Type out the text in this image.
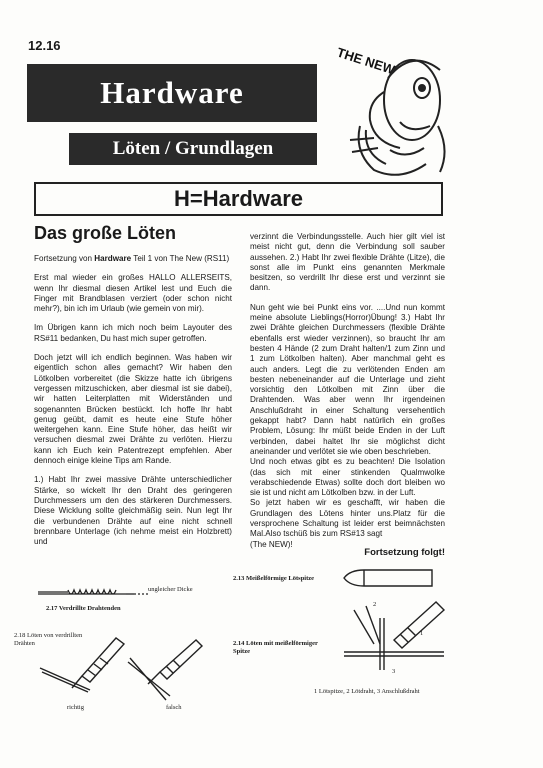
12.16
Hardware
Löten / Grundlagen
THE NEW
H=Hardware
Das große Löten

Fortsetzung von Hardware Teil 1 von The New (RS11)

Erst mal wieder ein großes HALLO ALLERSEITS, wenn Ihr diesmal diesen Artikel lest und Euch die Finger mit Brandblasen verziert (oder schon nicht mehr?), bin ich im Urlaub (wie gemein von mir).

Im Übrigen kann ich mich noch beim Layouter des RS#11 bedanken, Du hast mich super getroffen.

Doch jetzt will ich endlich beginnen. Was haben wir eigentlich schon alles gemacht? Wir haben den Lötkolben vorbereitet (die Skizze hatte ich übrigens vergessen mitzuschicken, aber diesmal ist sie dabei), wir hatten Leiterplatten mit Widerständen und sogenannten Brücken bestückt. Ich hoffe Ihr habt genug geübt, damit es heute eine Stufe höher weitergehen kann. Eine Stufe höher, das heißt wir versuchen diesmal zwei Drähte zu verlöten. Hierzu kann ich Euch kein Patentrezept empfehlen. Aber dennoch einige kleine Tips am Rande.

1.) Habt Ihr zwei massive Drähte unterschiedlicher Stärke, so wickelt Ihr den Draht des geringeren Durchmessers um den des stärkeren Durchmessers. Diese Wicklung sollte gleichmäßig sein. Nun legt Ihr die verbundenen Drähte auf eine nicht schnell brennbare Unterlage (ich nehme meist ein Holzbrett) und

verzinnt die Verbindungsstelle. Auch hier gilt viel ist meist nicht gut, denn die Verbindung soll sauber aussehen. 2.) Habt Ihr zwei flexible Drähte (Litze), die sonst alle im Punkt eins genannten Merkmale besitzen, so verdrillt Ihr diese erst und verzinnt sie dann.

Nun geht wie bei Punkt eins vor. ....Und nun kommt meine absolute Lieblings(Horror)Übung! 3.) Habt Ihr zwei Drähte gleichen Durchmessers (flexible Drähte ebenfalls erst wieder verzinnen), so braucht Ihr am besten 4 Hände (2 zum Draht halten/1 zum Zinn und 1 zum Lötkolben halten). Aber manchmal geht es auch anders. Legt die zu verlötenden Enden am besten nebeneinander auf die Unterlage und zieht vorsichtig den Lötkolben mit Zinn über die Drahtenden. Was aber wenn Ihr irgendeinen Anschlußdraht in einer Schaltung versehentlich gekappt habt? Dann habt natürlich ein großes Problem, Lösung: Ihr müßt beide Enden in der Luft verbinden, dabei haltet Ihr sie möglichst dicht aneinander und verlötet sie wie oben beschrieben.

Und noch etwas gibt es zu beachten! Die Isolation (das sich mit einer stinkenden Qualmwolke verabschiedende Etwas) sollte doch dort bleiben wo sie ist und nicht am Lötkolben bzw. in der Luft.

So jetzt haben wir es geschafft, wir haben die Grundlagen des Lötens hinter uns.Platz für die versprochene Schaltung ist leider erst beimnächsten Mal.Also tschüß bis zum RS#13 sagt

(The NEW)!

Fortsetzung folgt!
ungleicher Dicke
2.17 Verdrillte Drahtenden
2.18 Löten von verdrillten
Drähten
richtig	falsch
2.13 Meißelförmige Lötspitze
2.14 Löten mit meißelförmiger
Spitze
2
1
3
1 Lötspitze, 2 Lötdraht, 3 Anschlußdraht
